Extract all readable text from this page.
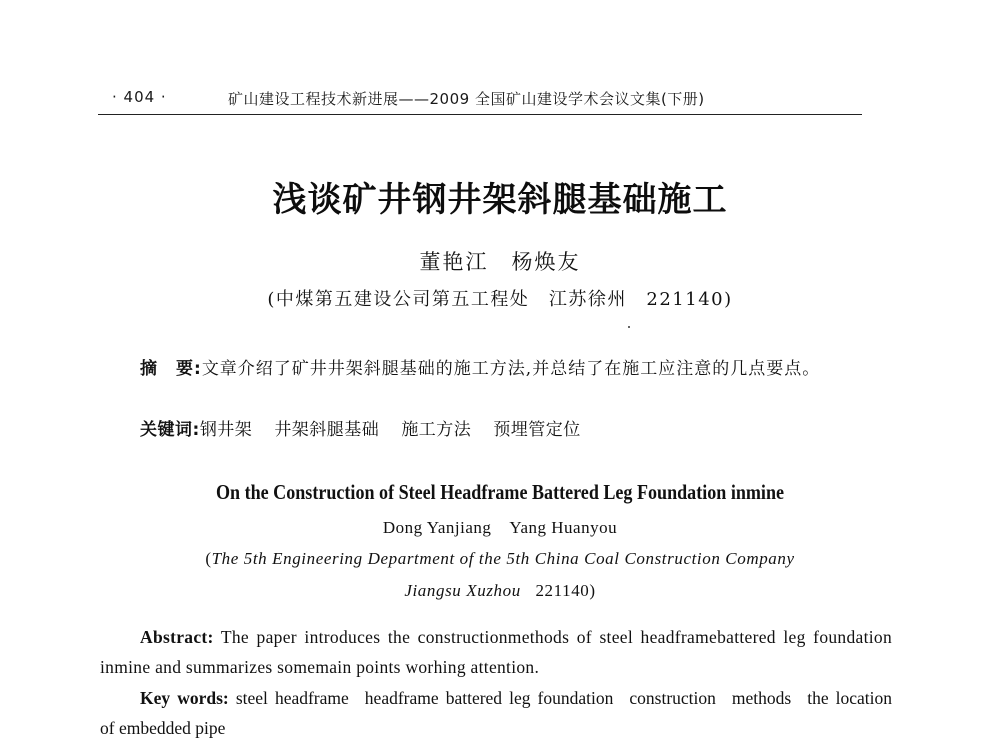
· 404 ·	矿山建设工程技术新进展——2009 全国矿山建设学术会议文集(下册)
浅谈矿井钢井架斜腿基础施工
董艳江　杨焕友
(中煤第五建设公司第五工程处　江苏徐州　221140)
摘　要:文章介绍了矿井井架斜腿基础的施工方法,并总结了在施工应注意的几点要点。
关键词:钢井架 井架斜腿基础 施工方法 预埋管定位
On the Construction of Steel Headframe Battered Leg Foundation inmine
Dong Yanjiang Yang Huanyou
(The 5th Engineering Department of the 5th China Coal Construction Company
Jiangsu Xuzhou 221140)
Abstract: The paper introduces the constructionmethods of steel headframebattered leg foundation inmine and summarizes somemain points worhing attention.
Key words: steel headframe headframe battered leg foundation construction methods the location of embedded pipe
